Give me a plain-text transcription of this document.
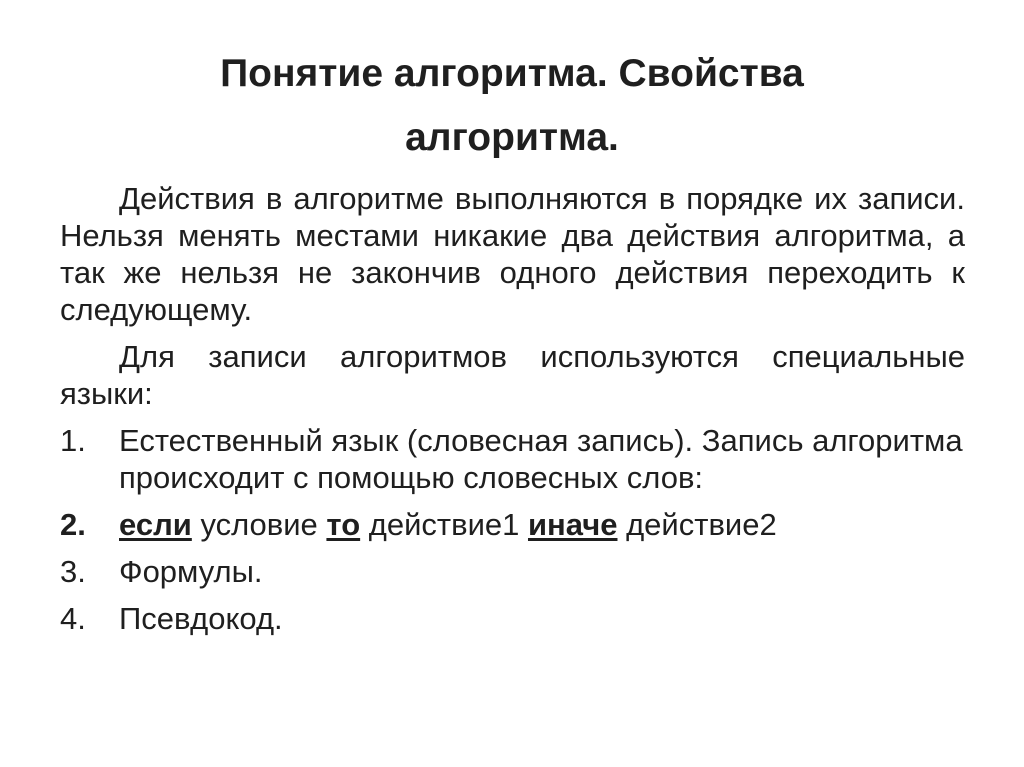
Понятие алгоритма. Свойства алгоритма.

Действия в алгоритме выполняются в порядке их записи. Нельзя менять местами никакие два действия алгоритма, а так же нельзя не закончив одного действия переходить к следующему.

Для записи алгоритмов используются специальные языки:

1.	Естественный язык (словесная запись). Запись алгоритма происходит с помощью словесных слов:
2.	если условие то действие1 иначе действие2
3.	Формулы.
4.	Псевдокод.
